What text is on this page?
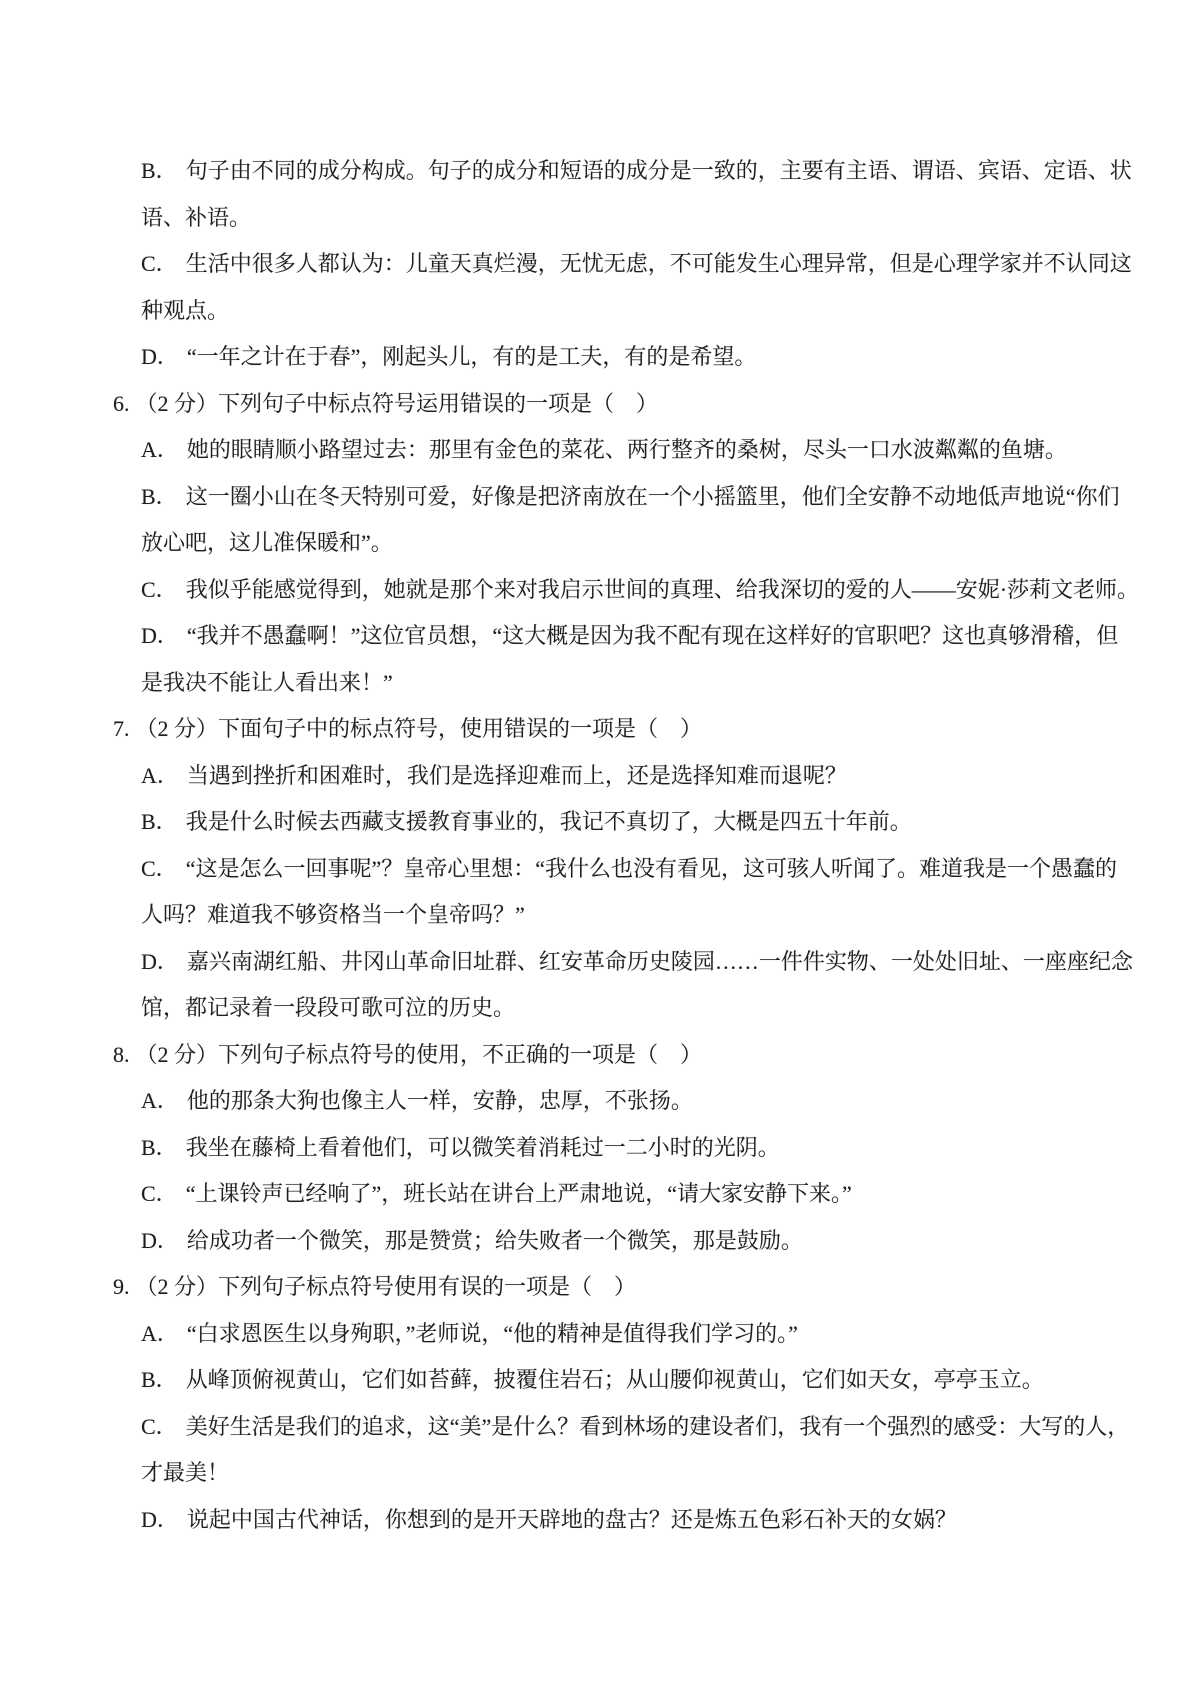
B． 句子由不同的成分构成。句子的成分和短语的成分是一致的，主要有主语、谓语、宾语、定语、状
语、补语。
C． 生活中很多人都认为：儿童天真烂漫，无忧无虑，不可能发生心理异常，但是心理学家并不认同这
种观点。
D． “一年之计在于春”，刚起头儿，有的是工夫，有的是希望。
6. （2 分）下列句子中标点符号运用错误的一项是（　）
A． 她的眼睛顺小路望过去：那里有金色的菜花、两行整齐的桑树，尽头一口水波粼粼的鱼塘。
B． 这一圈小山在冬天特别可爱，好像是把济南放在一个小摇篮里，他们全安静不动地低声地说“你们
放心吧，这儿准保暖和”。
C． 我似乎能感觉得到，她就是那个来对我启示世间的真理、给我深切的爱的人——安妮·莎莉文老师。
D． “我并不愚蠢啊！”这位官员想，“这大概是因为我不配有现在这样好的官职吧？这也真够滑稽，但
是我决不能让人看出来！”
7. （2 分）下面句子中的标点符号，使用错误的一项是（　）
A． 当遇到挫折和困难时，我们是选择迎难而上，还是选择知难而退呢？
B． 我是什么时候去西藏支援教育事业的，我记不真切了，大概是四五十年前。
C． “这是怎么一回事呢”？皇帝心里想：“我什么也没有看见，这可骇人听闻了。难道我是一个愚蠢的
人吗？难道我不够资格当一个皇帝吗？”
D． 嘉兴南湖红船、井冈山革命旧址群、红安革命历史陵园……一件件实物、一处处旧址、一座座纪念
馆，都记录着一段段可歌可泣的历史。
8. （2 分）下列句子标点符号的使用，不正确的一项是（　）
A． 他的那条大狗也像主人一样，安静，忠厚，不张扬。
B． 我坐在藤椅上看着他们，可以微笑着消耗过一二小时的光阴。
C． “上课铃声已经响了”，班长站在讲台上严肃地说，“请大家安静下来。”
D． 给成功者一个微笑，那是赞赏；给失败者一个微笑，那是鼓励。
9. （2 分）下列句子标点符号使用有误的一项是（　）
A． “白求恩医生以身殉职，”老师说，“他的精神是值得我们学习的。”
B． 从峰顶俯视黄山，它们如苔藓，披覆住岩石；从山腰仰视黄山，它们如天女，亭亭玉立。
C． 美好生活是我们的追求，这“美”是什么？看到林场的建设者们，我有一个强烈的感受：大写的人，
才最美！
D． 说起中国古代神话，你想到的是开天辟地的盘古？还是炼五色彩石补天的女娲？
